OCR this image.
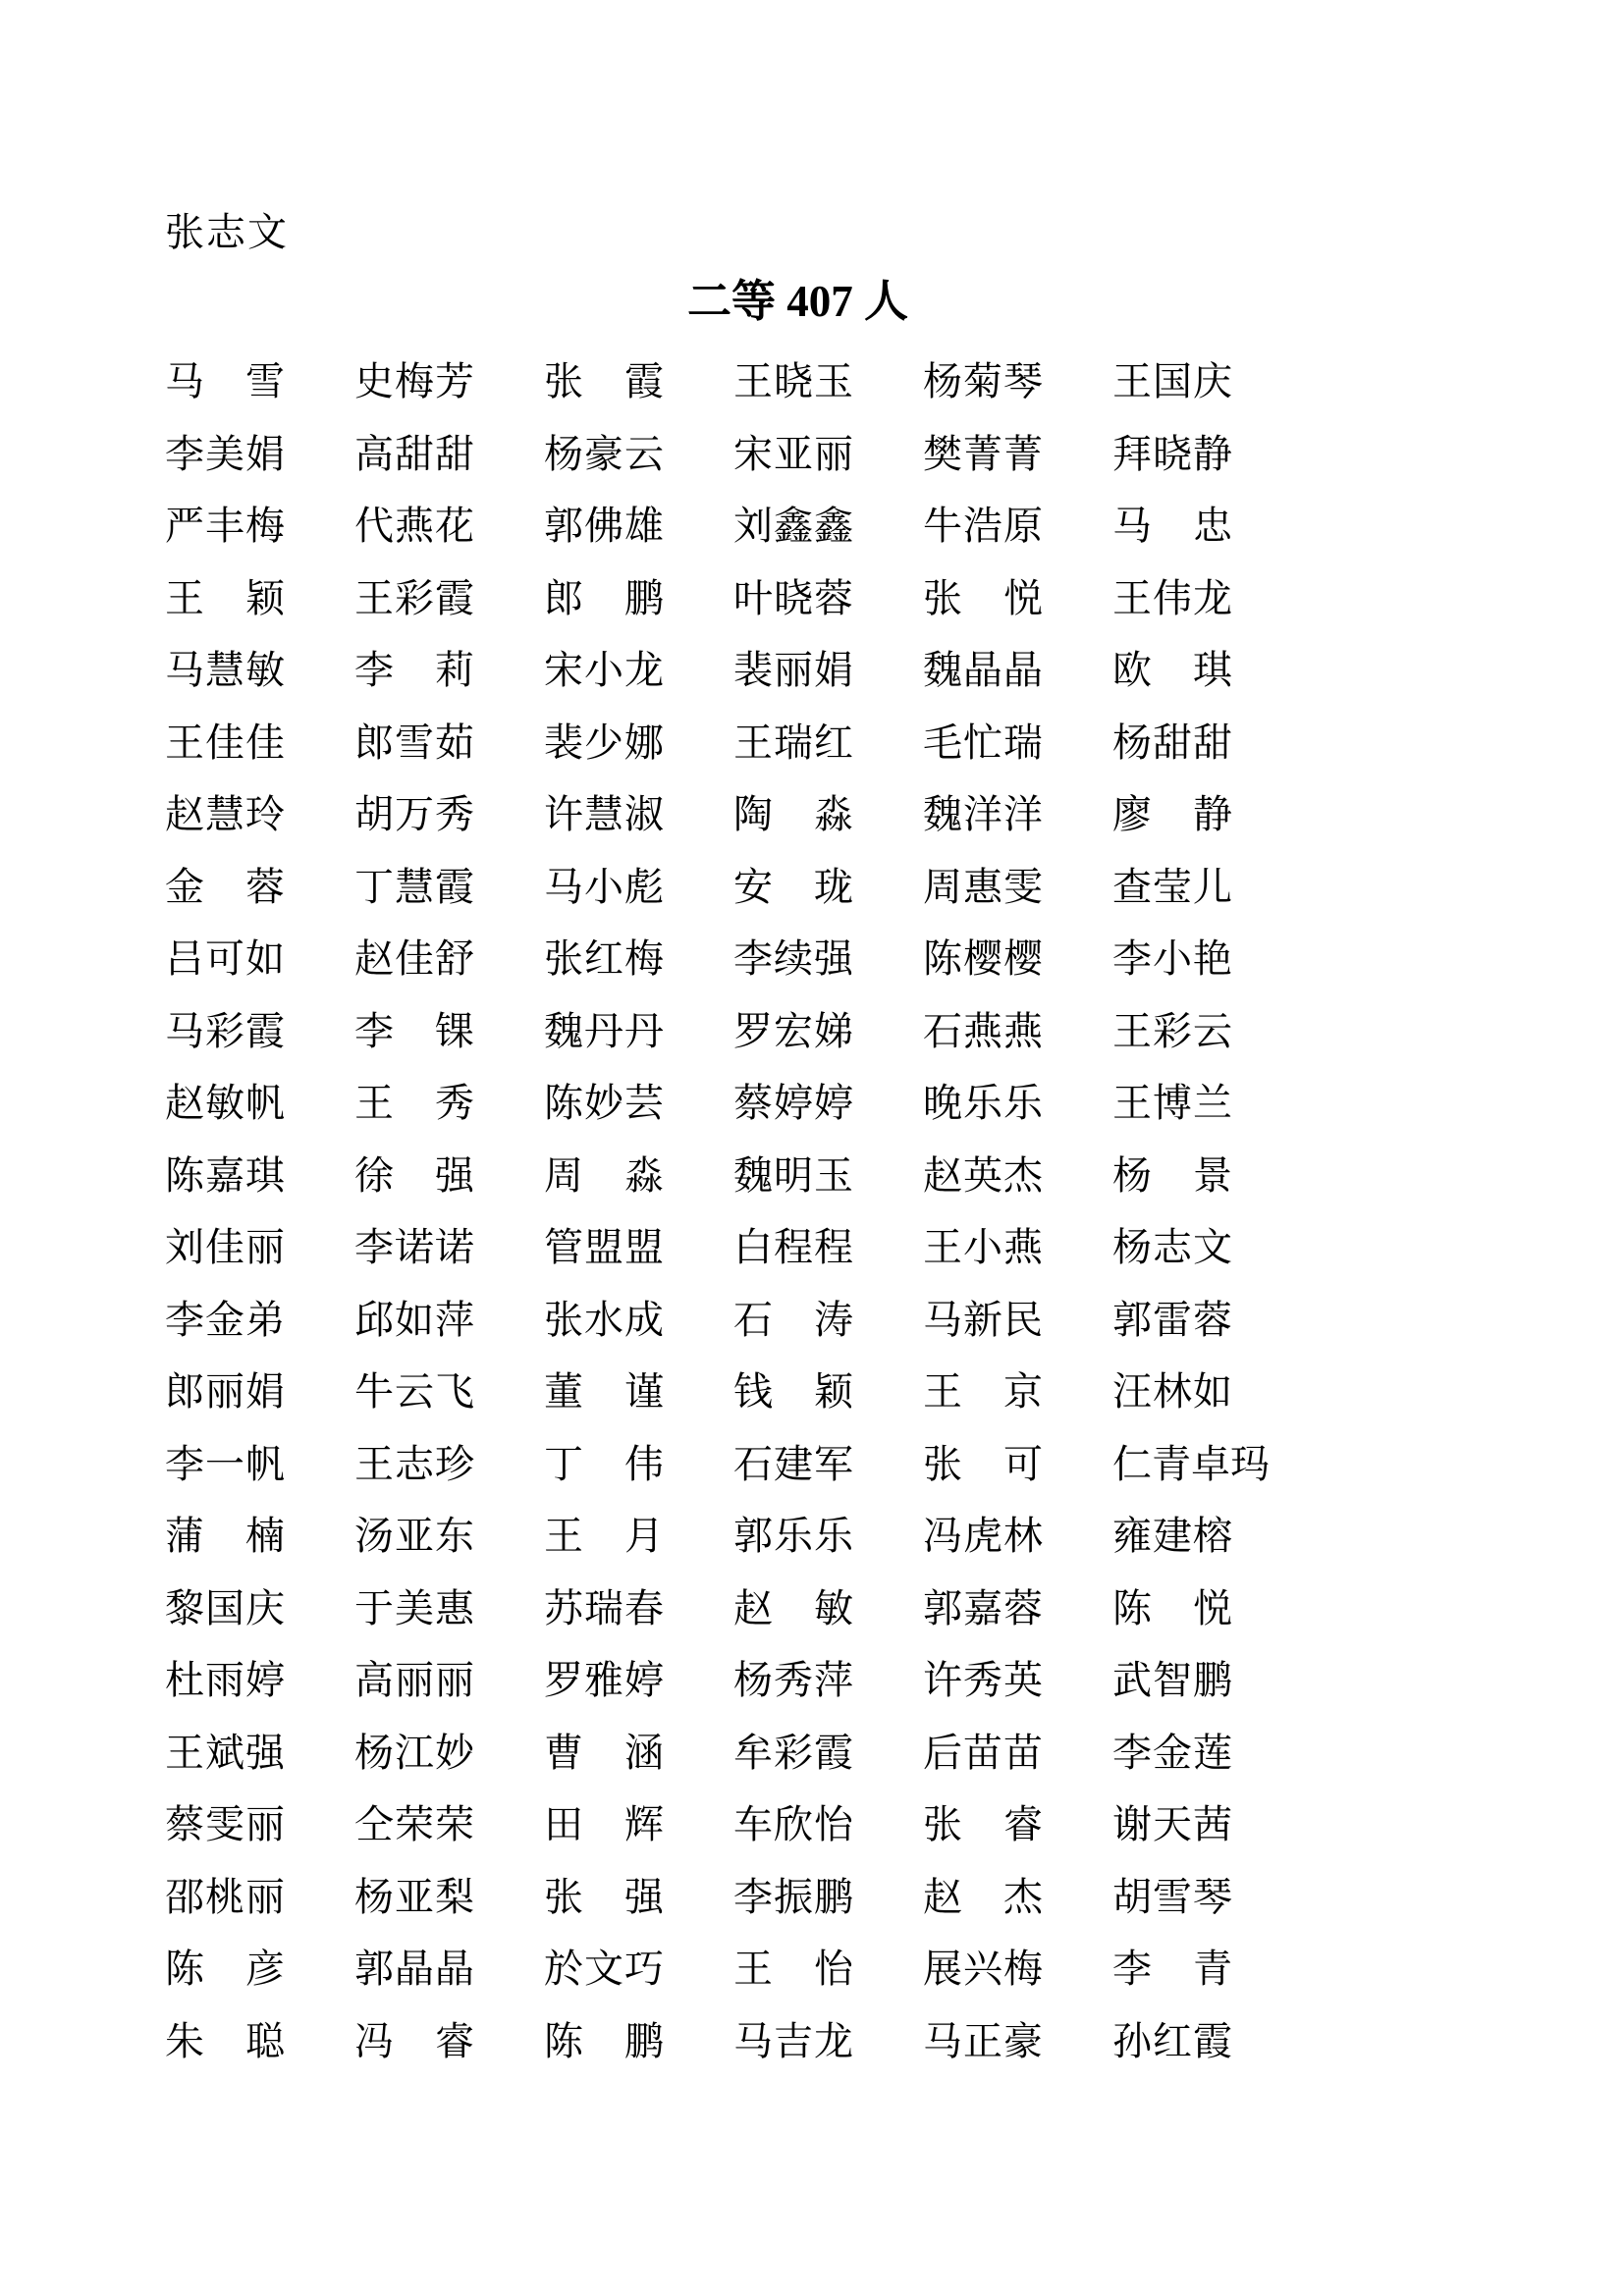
张志文
二等 407 人
马雪 史梅芳 张霞 王晓玉 杨菊琴 王国庆
李美娟 高甜甜 杨豪云 宋亚丽 樊菁菁 拜晓静
严丰梅 代燕花 郭佛雄 刘鑫鑫 牛浩原 马忠
王颖 王彩霞 郎鹏 叶晓蓉 张悦 王伟龙
马慧敏 李莉 宋小龙 裴丽娟 魏晶晶 欧琪
王佳佳 郎雪茹 裴少娜 王瑞红 毛忙瑞 杨甜甜
赵慧玲 胡万秀 许慧淑 陶淼 魏洋洋 廖静
金蓉 丁慧霞 马小彪 安珑 周惠雯 查莹儿
吕可如 赵佳舒 张红梅 李续强 陈樱樱 李小艳
马彩霞 李锞 魏丹丹 罗宏娣 石燕燕 王彩云
赵敏帆 王秀 陈妙芸 蔡婷婷 晚乐乐 王博兰
陈嘉琪 徐强 周淼 魏明玉 赵英杰 杨景
刘佳丽 李诺诺 管盟盟 白程程 王小燕 杨志文
李金弟 邱如萍 张水成 石涛 马新民 郭雷蓉
郎丽娟 牛云飞 董谨 钱颖 王京 汪林如
李一帆 王志珍 丁伟 石建军 张可 仁青卓玛
蒲楠 汤亚东 王月 郭乐乐 冯虎林 雍建榕
黎国庆 于美惠 苏瑞春 赵敏 郭嘉蓉 陈悦
杜雨婷 高丽丽 罗雅婷 杨秀萍 许秀英 武智鹏
王斌强 杨江妙 曹涵 牟彩霞 后苗苗 李金莲
蔡雯丽 仝荣荣 田辉 车欣怡 张睿 谢天茜
邵桃丽 杨亚梨 张强 李振鹏 赵杰 胡雪琴
陈彦 郭晶晶 於文巧 王怡 展兴梅 李青
朱聪 冯睿 陈鹏 马吉龙 马正豪 孙红霞
